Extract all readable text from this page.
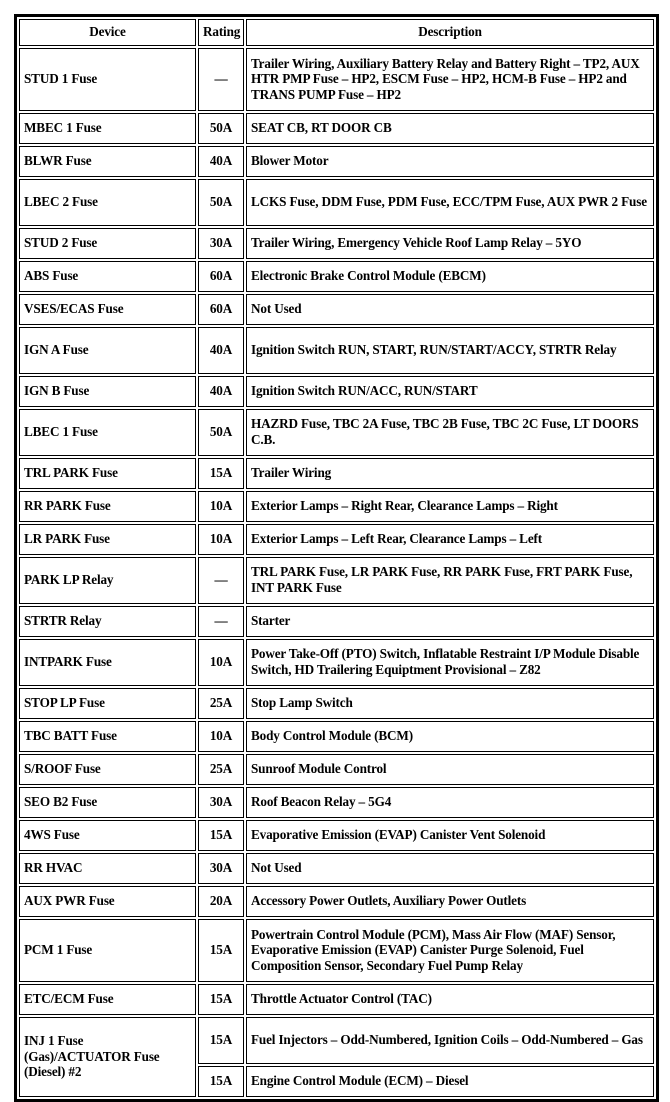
Device	Rating	Description
STUD 1 Fuse	—	Trailer Wiring, Auxiliary Battery Relay and Battery Right – TP2, AUX HTR PMP Fuse – HP2, ESCM Fuse – HP2, HCM-B Fuse – HP2 and TRANS PUMP Fuse – HP2
MBEC 1 Fuse	50A	SEAT CB, RT DOOR CB
BLWR Fuse	40A	Blower Motor
LBEC 2 Fuse	50A	LCKS Fuse, DDM Fuse, PDM Fuse, ECC/TPM Fuse, AUX PWR 2 Fuse
STUD 2 Fuse	30A	Trailer Wiring, Emergency Vehicle Roof Lamp Relay – 5YO
ABS Fuse	60A	Electronic Brake Control Module (EBCM)
VSES/ECAS Fuse	60A	Not Used
IGN A Fuse	40A	Ignition Switch RUN, START, RUN/START/ACCY, STRTR Relay
IGN B Fuse	40A	Ignition Switch RUN/ACC, RUN/START
LBEC 1 Fuse	50A	HAZRD Fuse, TBC 2A Fuse, TBC 2B Fuse, TBC 2C Fuse, LT DOORS C.B.
TRL PARK Fuse	15A	Trailer Wiring
RR PARK Fuse	10A	Exterior Lamps – Right Rear, Clearance Lamps – Right
LR PARK Fuse	10A	Exterior Lamps – Left Rear, Clearance Lamps – Left
PARK LP Relay	—	TRL PARK Fuse, LR PARK Fuse, RR PARK Fuse, FRT PARK Fuse, INT PARK Fuse
STRTR Relay	—	Starter
INTPARK Fuse	10A	Power Take-Off (PTO) Switch, Inflatable Restraint I/P Module Disable Switch, HD Trailering Equiptment Provisional – Z82
STOP LP Fuse	25A	Stop Lamp Switch
TBC BATT Fuse	10A	Body Control Module (BCM)
S/ROOF Fuse	25A	Sunroof Module Control
SEO B2 Fuse	30A	Roof Beacon Relay – 5G4
4WS Fuse	15A	Evaporative Emission (EVAP) Canister Vent Solenoid
RR HVAC	30A	Not Used
AUX PWR Fuse	20A	Accessory Power Outlets, Auxiliary Power Outlets
PCM 1 Fuse	15A	Powertrain Control Module (PCM), Mass Air Flow (MAF) Sensor, Evaporative Emission (EVAP) Canister Purge Solenoid, Fuel Composition Sensor, Secondary Fuel Pump Relay
ETC/ECM Fuse	15A	Throttle Actuator Control (TAC)
INJ 1 Fuse (Gas)/ACTUATOR Fuse (Diesel) #2	15A	Fuel Injectors – Odd-Numbered, Ignition Coils – Odd-Numbered – Gas
	15A	Engine Control Module (ECM) – Diesel
